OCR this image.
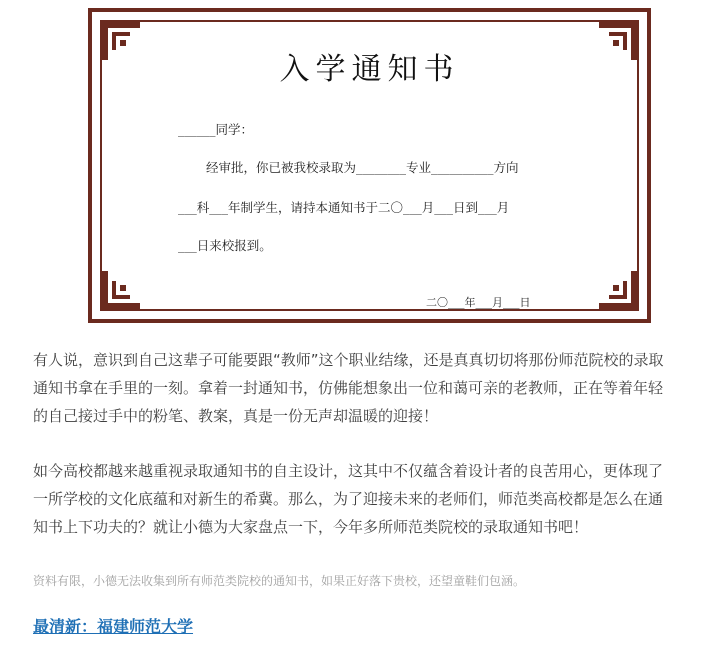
入学通知书
______同学：
经审批，你已被我校录取为________专业__________方向
___科___年制学生，请持本通知书于二〇___月___日到___月
___日来校报到。
二〇___年___月___日

有人说，意识到自己这辈子可能要跟“教师”这个职业结缘，还是真真切切将那份师范院校的录取通知书拿在手里的一刻。拿着一封通知书，仿佛能想象出一位和蔼可亲的老教师，正在等着年轻的自己接过手中的粉笔、教案，真是一份无声却温暖的迎接！

如今高校都越来越重视录取通知书的自主设计，这其中不仅蕴含着设计者的良苦用心，更体现了一所学校的文化底蕴和对新生的希冀。那么，为了迎接未来的老师们，师范类高校都是怎么在通知书上下功夫的？就让小德为大家盘点一下，今年多所师范类院校的录取通知书吧！

资料有限，小德无法收集到所有师范类院校的通知书，如果正好落下贵校，还望童鞋们包涵。

最清新：福建师范大学
